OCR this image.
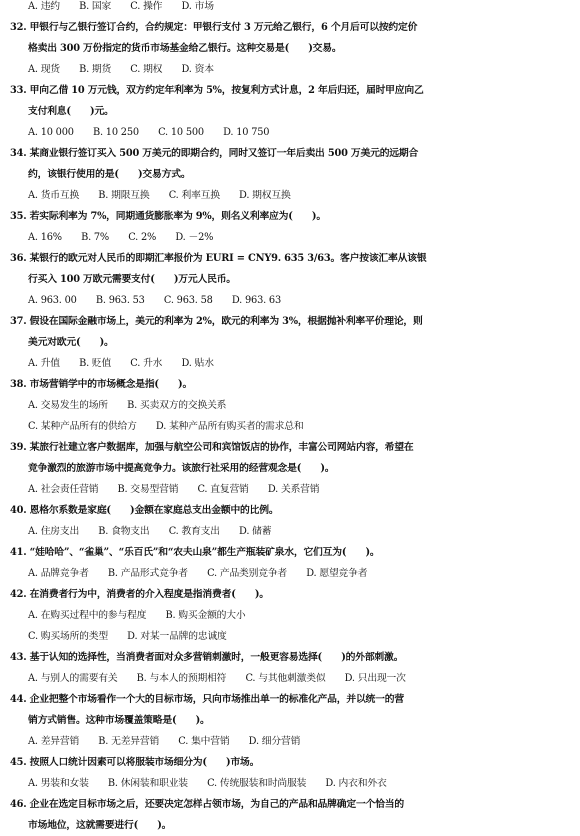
A. 违约　　B. 国家　　C. 操作　　D. 市场
32. 甲银行与乙银行签订合约，合约规定：甲银行支付 3 万元给乙银行，6 个月后可以按约定价
格卖出 300 万份指定的货币市场基金给乙银行。这种交易是(　　)交易。
A. 现货　　B. 期货　　C. 期权　　D. 资本
33. 甲向乙借 10 万元钱，双方约定年利率为 5%，按复利方式计息，2 年后归还，届时甲应向乙
支付利息(　　)元。
A. 10 000　　B. 10 250　　C. 10 500　　D. 10 750
34. 某商业银行签订买入 500 万美元的即期合约，同时又签订一年后卖出 500 万美元的远期合
约，该银行使用的是(　　)交易方式。
A. 货币互换　　B. 期限互换　　C. 利率互换　　D. 期权互换
35. 若实际利率为 7%，同期通货膨胀率为 9%，则名义利率应为(　　)。
A. 16%　　B. 7%　　C. 2%　　D. －2%
36. 某银行的欧元对人民币的即期汇率报价为 EURI = CNY9. 635 3/63。客户按该汇率从该银
行买入 100 万欧元需要支付(　　)万元人民币。
A. 963. 00　　B. 963. 53　　C. 963. 58　　D. 963. 63
37. 假设在国际金融市场上，美元的利率为 2%，欧元的利率为 3%，根据抛补利率平价理论，则
美元对欧元(　　)。
A. 升值　　B. 贬值　　C. 升水　　D. 贴水
38. 市场营销学中的市场概念是指(　　)。
A. 交易发生的场所　　B. 买卖双方的交换关系
C. 某种产品所有的供给方　　D. 某种产品所有购买者的需求总和
39. 某旅行社建立客户数据库，加强与航空公司和宾馆饭店的协作，丰富公司网站内容，希望在
竞争激烈的旅游市场中提高竞争力。该旅行社采用的经营观念是(　　)。
A. 社会责任营销　　B. 交易型营销　　C. 直复营销　　D. 关系营销
40. 恩格尔系数是家庭(　　)金额在家庭总支出金额中的比例。
A. 住房支出　　B. 食物支出　　C. 教育支出　　D. 储蓄
41. “娃哈哈”、“雀巢”、“乐百氏”和“农夫山泉”都生产瓶装矿泉水，它们互为(　　)。
A. 品牌竞争者　　B. 产品形式竞争者　　C. 产品类别竞争者　　D. 愿望竞争者
42. 在消费者行为中，消费者的介入程度是指消费者(　　)。
A. 在购买过程中的参与程度　　B. 购买金额的大小
C. 购买场所的类型　　D. 对某一品牌的忠诚度
43. 基于认知的选择性，当消费者面对众多营销刺激时，一般更容易选择(　　)的外部刺激。
A. 与别人的需要有关　　B. 与本人的预期相符　　C. 与其他刺激类似　　D. 只出现一次
44. 企业把整个市场看作一个大的目标市场，只向市场推出单一的标准化产品，并以统一的营
销方式销售。这种市场覆盖策略是(　　)。
A. 差异营销　　B. 无差异营销　　C. 集中营销　　D. 细分营销
45. 按照人口统计因素可以将服装市场细分为(　　)市场。
A. 男装和女装　　B. 休闲装和职业装　　C. 传统服装和时尚服装　　D. 内衣和外衣
46. 企业在选定目标市场之后，还要决定怎样占领市场，为自己的产品和品牌确定一个恰当的
市场地位，这就需要进行(　　)。
